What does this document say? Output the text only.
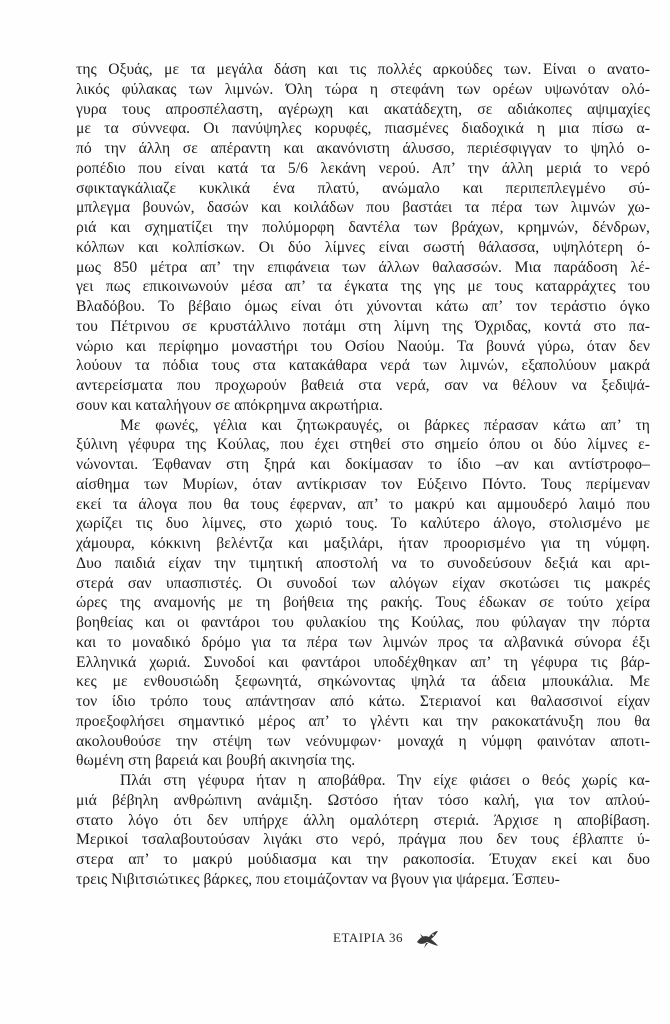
της Οξυάς, με τα μεγάλα δάση και τις πολλές αρκούδες των. Είναι ο ανατο-
λικός φύλακας των λιμνών. Όλη τώρα η στεφάνη των ορέων υψωνόταν ολό-
γυρα τους απροσπέλαστη, αγέρωχη και ακατάδεχτη, σε αδιάκοπες αψιμαχίες
με τα σύννεφα. Οι πανύψηλες κορυφές, πιασμένες διαδοχικά η μια πίσω α-
πό την άλλη σε απέραντη και ακανόνιστη άλυσσο, περιέσφιγγαν το ψηλό ο-
ροπέδιο που είναι κατά τα 5/6 λεκάνη νερού. Απ’ την άλλη μεριά το νερό
σφικταγκάλιαζε κυκλικά ένα πλατύ, ανώμαλο και περιπεπλεγμένο σύ-
μπλεγμα βουνών, δασών και κοιλάδων που βαστάει τα πέρα των λιμνών χω-
ριά και σχηματίζει την πολύμορφη δαντέλα των βράχων, κρημνών, δένδρων,
κόλπων και κολπίσκων. Οι δύο λίμνες είναι σωστή θάλασσα, υψηλότερη ό-
μως 850 μέτρα απ’ την επιφάνεια των άλλων θαλασσών. Μια παράδοση λέ-
γει πως επικοινωνούν μέσα απ’ τα έγκατα της γης με τους καταρράχτες του
Βλαδόβου. Το βέβαιο όμως είναι ότι χύνονται κάτω απ’ τον τεράστιο όγκο
του Πέτρινου σε κρυστάλλινο ποτάμι στη λίμνη της Όχριδας, κοντά στο πα-
νώριο και περίφημο μοναστήρι του Οσίου Ναούμ. Τα βουνά γύρω, όταν δεν
λούουν τα πόδια τους στα κατακάθαρα νερά των λιμνών, εξαπολύουν μακρά
αντερείσματα που προχωρούν βαθειά στα νερά, σαν να θέλουν να ξεδιψά-
σουν και καταλήγουν σε απόκρημνα ακρωτήρια.
Με φωνές, γέλια και ζητωκραυγές, οι βάρκες πέρασαν κάτω απ’ τη
ξύλινη γέφυρα της Κούλας, που έχει στηθεί στο σημείο όπου οι δύο λίμνες ε-
νώνονται. Έφθαναν στη ξηρά και δοκίμασαν το ίδιο –αν και αντίστροφο–
αίσθημα των Μυρίων, όταν αντίκρισαν τον Εύξεινο Πόντο. Τους περίμεναν
εκεί τα άλογα που θα τους έφερναν, απ’ το μακρύ και αμμουδερό λαιμό που
χωρίζει τις δυο λίμνες, στο χωριό τους. Το καλύτερο άλογο, στολισμένο με
χάμουρα, κόκκινη βελέντζα και μαξιλάρι, ήταν προορισμένο για τη νύμφη.
Δυο παιδιά είχαν την τιμητική αποστολή να το συνοδεύσουν δεξιά και αρι-
στερά σαν υπασπιστές. Οι συνοδοί των αλόγων είχαν σκοτώσει τις μακρές
ώρες της αναμονής με τη βοήθεια της ρακής. Τους έδωκαν σε τούτο χείρα
βοηθείας και οι φαντάροι του φυλακίου της Κούλας, που φύλαγαν την πόρτα
και το μοναδικό δρόμο για τα πέρα των λιμνών προς τα αλβανικά σύνορα έξι
Ελληνικά χωριά. Συνοδοί και φαντάροι υποδέχθηκαν απ’ τη γέφυρα τις βάρ-
κες με ενθουσιώδη ξεφωνητά, σηκώνοντας ψηλά τα άδεια μπουκάλια. Με
τον ίδιο τρόπο τους απάντησαν από κάτω. Στεριανοί και θαλασσινοί είχαν
προεξοφλήσει σημαντικό μέρος απ’ το γλέντι και την ρακοκατάνυξη που θα
ακολουθούσε την στέψη των νεόνυμφων· μοναχά η νύμφη φαινόταν αποτι-
θωμένη στη βαρειά και βουβή ακινησία της.
Πλάι στη γέφυρα ήταν η αποβάθρα. Την είχε φιάσει ο θεός χωρίς κα-
μιά βέβηλη ανθρώπινη ανάμιξη. Ωστόσο ήταν τόσο καλή, για τον απλού-
στατο λόγο ότι δεν υπήρχε άλλη ομαλότερη στεριά. Άρχισε η αποβίβαση.
Μερικοί τσαλαβουτούσαν λιγάκι στο νερό, πράγμα που δεν τους έβλαπτε ύ-
στερα απ’ το μακρύ μούδιασμα και την ρακοποσία. Έτυχαν εκεί και δυο
τρεις Νιβιτσιώτικες βάρκες, που ετοιμάζονταν να βγουν για ψάρεμα. Έσπευ-
ΕΤΑΙΡΙΑ 36
